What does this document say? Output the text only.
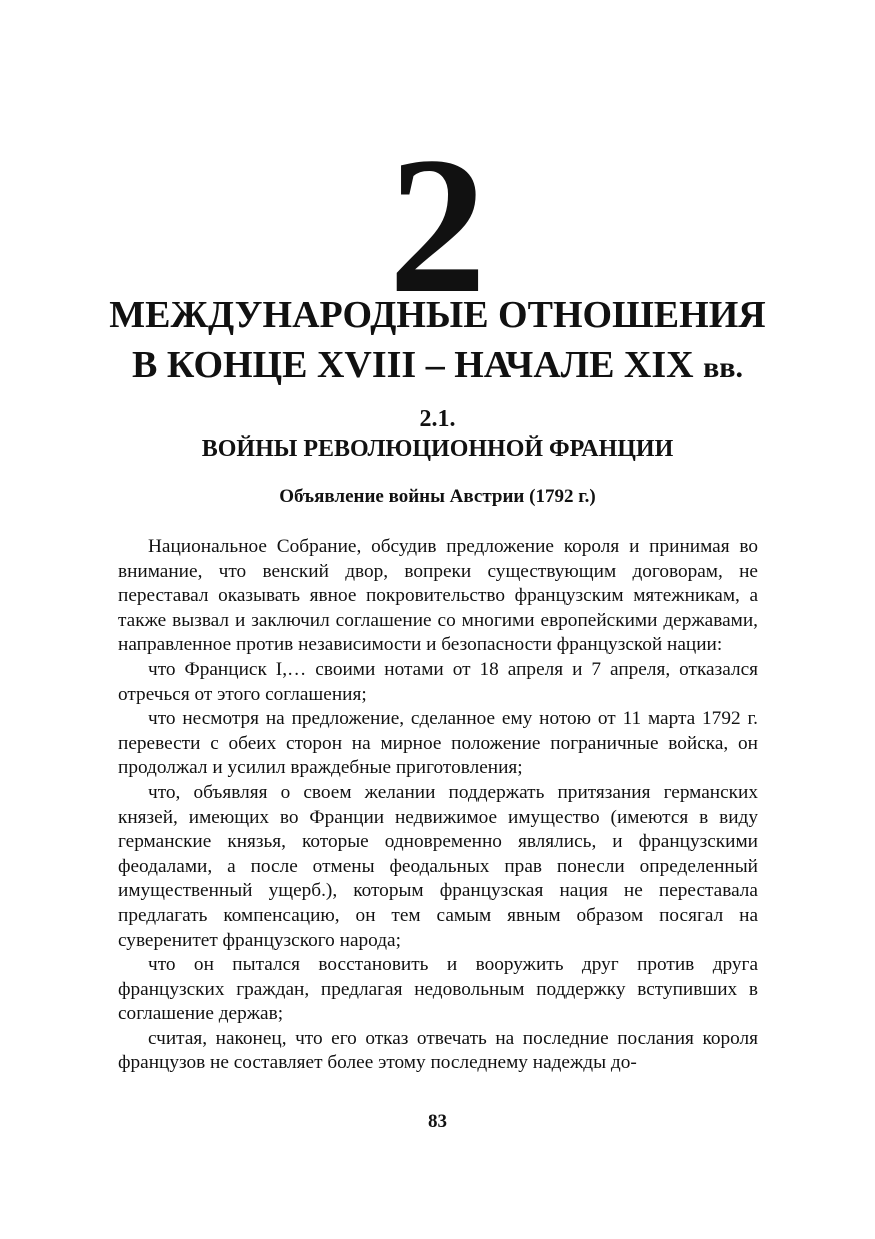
2
МЕЖДУНАРОДНЫЕ ОТНОШЕНИЯ
В КОНЦЕ XVIII – НАЧАЛЕ XIX вв.
2.1.
ВОЙНЫ РЕВОЛЮЦИОННОЙ ФРАНЦИИ
Объявление войны Австрии (1792 г.)

Национальное Собрание, обсудив предложение короля и принимая во внимание, что венский двор, вопреки существующим договорам, не переставал оказывать явное покровительство французским мятежникам, а также вызвал и заключил соглашение со многими европейскими державами, направленное против независимости и безопасности французской нации:

что Франциск I,… своими нотами от 18 апреля и 7 апреля, отказался отречься от этого соглашения;

что несмотря на предложение, сделанное ему нотою от 11 марта 1792 г. перевести с обеих сторон на мирное положение пограничные войска, он продолжал и усилил враждебные приготовления;

что, объявляя о своем желании поддержать притязания германских князей, имеющих во Франции недвижимое имущество (имеются в виду германские князья, которые одновременно являлись, и французскими феодалами, а после отмены феодальных прав понесли определенный имущественный ущерб.), которым французская нация не переставала предлагать компенсацию, он тем самым явным образом посягал на суверенитет французского народа;

что он пытался восстановить и вооружить друг против друга французских граждан, предлагая недовольным поддержку вступивших в соглашение держав;

считая, наконец, что его отказ отвечать на последние послания короля французов не составляет более этому последнему надежды до-

83
